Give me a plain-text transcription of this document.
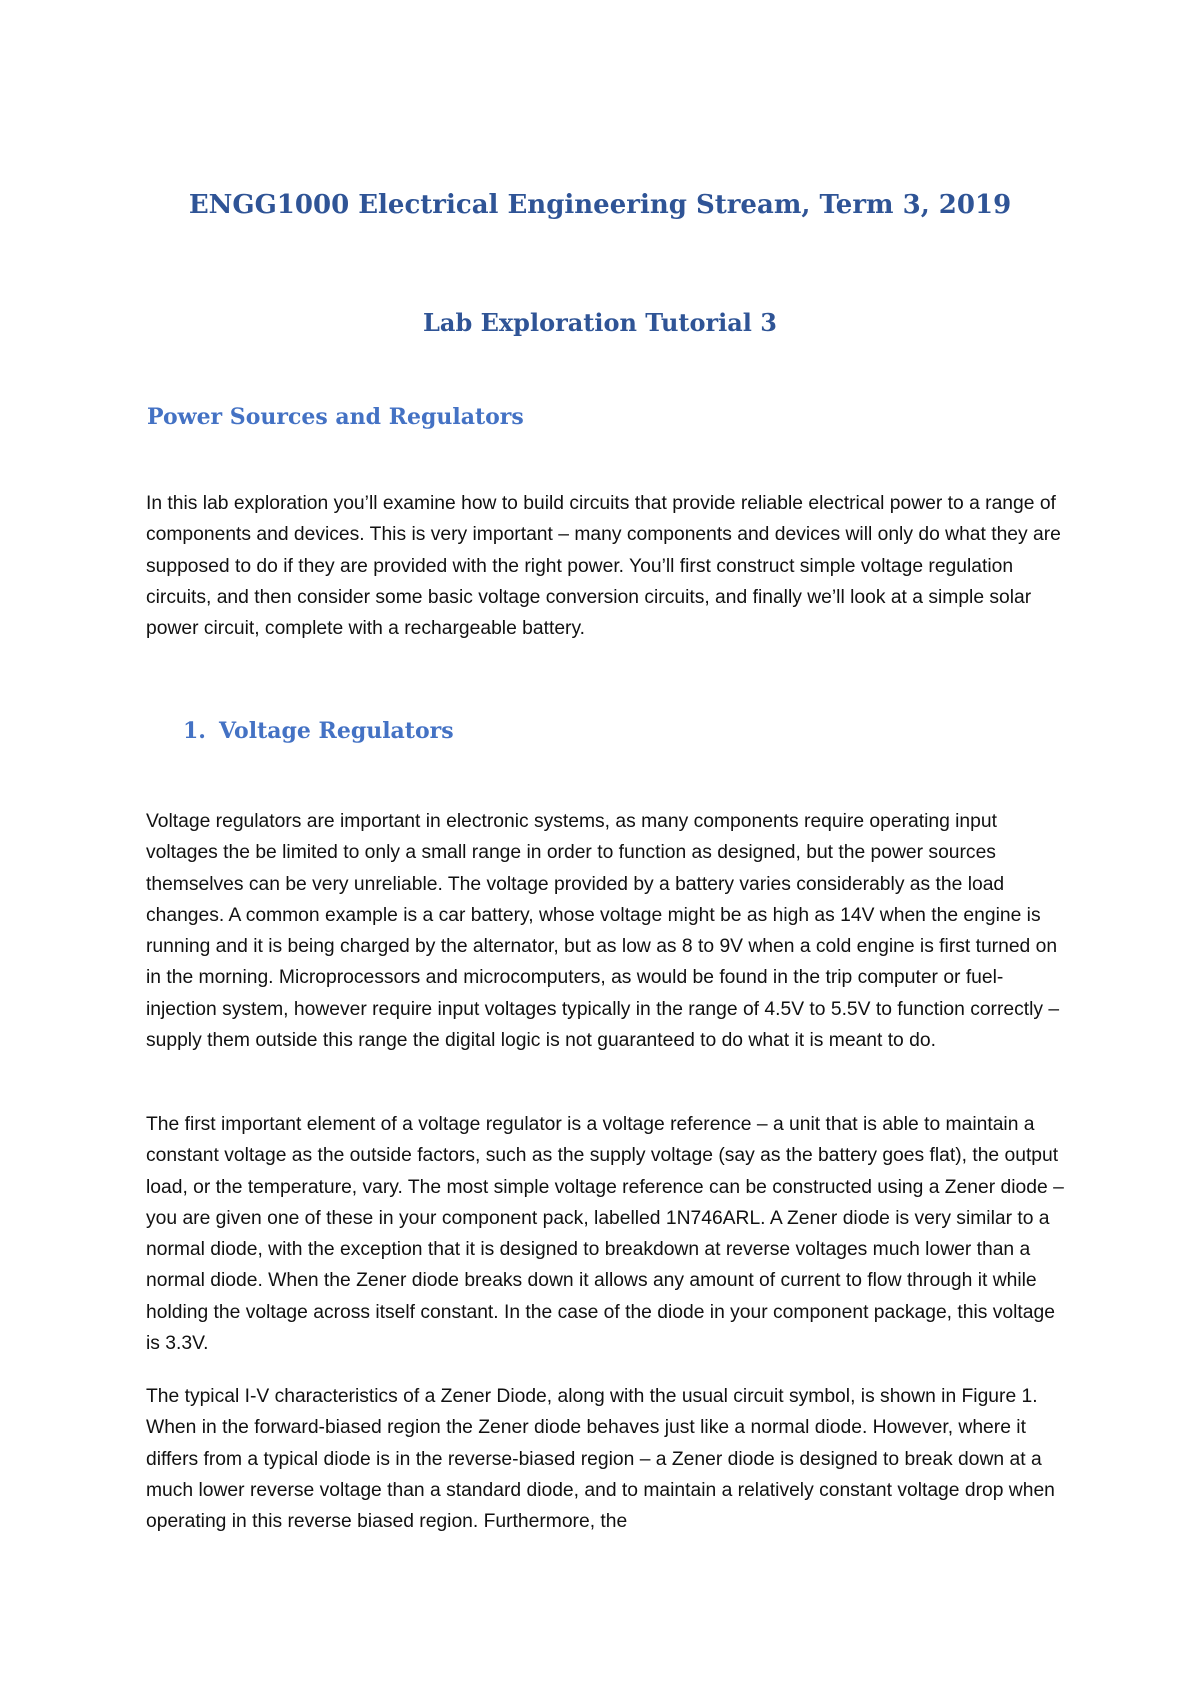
ENGG1000 Electrical Engineering Stream, Term 3, 2019
Lab Exploration Tutorial 3
Power Sources and Regulators

In this lab exploration you’ll examine how to build circuits that provide reliable electrical power to a range of components and devices. This is very important – many components and devices will only do what they are supposed to do if they are provided with the right power. You’ll first construct simple voltage regulation circuits, and then consider some basic voltage conversion circuits, and finally we’ll look at a simple solar power circuit, complete with a rechargeable battery.

1. Voltage Regulators

Voltage regulators are important in electronic systems, as many components require operating input voltages the be limited to only a small range in order to function as designed, but the power sources themselves can be very unreliable. The voltage provided by a battery varies considerably as the load changes. A common example is a car battery, whose voltage might be as high as 14V when the engine is running and it is being charged by the alternator, but as low as 8 to 9V when a cold engine is first turned on in the morning. Microprocessors and microcomputers, as would be found in the trip computer or fuel-injection system, however require input voltages typically in the range of 4.5V to 5.5V to function correctly – supply them outside this range the digital logic is not guaranteed to do what it is meant to do.

The first important element of a voltage regulator is a voltage reference – a unit that is able to maintain a constant voltage as the outside factors, such as the supply voltage (say as the battery goes flat), the output load, or the temperature, vary. The most simple voltage reference can be constructed using a Zener diode – you are given one of these in your component pack, labelled 1N746ARL. A Zener diode is very similar to a normal diode, with the exception that it is designed to breakdown at reverse voltages much lower than a normal diode. When the Zener diode breaks down it allows any amount of current to flow through it while holding the voltage across itself constant. In the case of the diode in your component package, this voltage is 3.3V.

The typical I-V characteristics of a Zener Diode, along with the usual circuit symbol, is shown in Figure 1. When in the forward-biased region the Zener diode behaves just like a normal diode. However, where it differs from a typical diode is in the reverse-biased region – a Zener diode is designed to break down at a much lower reverse voltage than a standard diode, and to maintain a relatively constant voltage drop when operating in this reverse biased region. Furthermore, the
